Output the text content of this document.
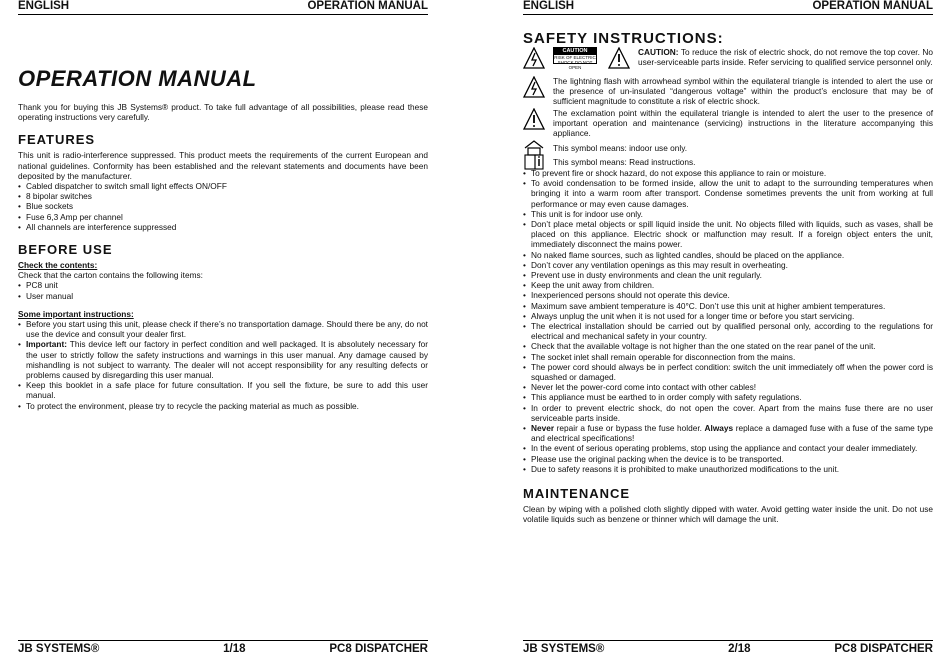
ENGLISH	OPERATION MANUAL
OPERATION MANUAL

Thank you for buying this JB Systems® product. To take full advantage of all possibilities, please read these operating instructions very carefully.

FEATURES

This unit is radio-interference suppressed. This product meets the requirements of the current European and national guidelines. Conformity has been established and the relevant statements and documents have been deposited by the manufacturer.

• Cabled dispatcher to switch small light effects ON/OFF
• 8 bipolar switches
• Blue sockets
• Fuse 6,3 Amp per channel
• All channels are interference suppressed
BEFORE USE

Check the contents:

Check that the carton contains the following items:

• PC8 unit
• User manual

Some important instructions:

• Before you start using this unit, please check if there’s no transportation damage. Should there be any, do not use the device and consult your dealer first.
• Important: This device left our factory in perfect condition and well packaged. It is absolutely necessary for the user to strictly follow the safety instructions and warnings in this user manual. Any damage caused by mishandling is not subject to warranty. The dealer will not accept responsibility for any resulting defects or problems caused by disregarding this user manual.
• Keep this booklet in a safe place for future consultation. If you sell the fixture, be sure to add this user manual.
• To protect the environment, please try to recycle the packing material as much as possible.
JB SYSTEMS®	1/18	PC8 DISPATCHER
ENGLISH	OPERATION MANUAL
SAFETY INSTRUCTIONS:
CAUTION
RISK OF ELECTRIC SHOCK DO NOT OPEN
CAUTION: To reduce the risk of electric shock, do not remove the top cover. No user-serviceable parts inside. Refer servicing to qualified service personnel only.
The lightning flash with arrowhead symbol within the equilateral triangle is intended to alert the use or the presence of un-insulated “dangerous voltage” within the product’s enclosure that may be of sufficient magnitude to constitute a risk of electric shock.
The exclamation point within the equilateral triangle is intended to alert the user to the presence of important operation and maintenance (servicing) instructions in the literature accompanying this appliance.
This symbol means: indoor use only.
This symbol means: Read instructions.
• To prevent fire or shock hazard, do not expose this appliance to rain or moisture.
• To avoid condensation to be formed inside, allow the unit to adapt to the surrounding temperatures when bringing it into a warm room after transport. Condense sometimes prevents the unit from working at full performance or may even cause damages.
• This unit is for indoor use only.
• Don’t place metal objects or spill liquid inside the unit. No objects filled with liquids, such as vases, shall be placed on this appliance. Electric shock or malfunction may result. If a foreign object enters the unit, immediately disconnect the mains power.
• No naked flame sources, such as lighted candles, should be placed on the appliance.
• Don’t cover any ventilation openings as this may result in overheating.
• Prevent use in dusty environments and clean the unit regularly.
• Keep the unit away from children.
• Inexperienced persons should not operate this device.
• Maximum save ambient temperature is 40°C. Don’t use this unit at higher ambient temperatures.
• Always unplug the unit when it is not used for a longer time or before you start servicing.
• The electrical installation should be carried out by qualified personal only, according to the regulations for electrical and mechanical safety in your country.
• Check that the available voltage is not higher than the one stated on the rear panel of the unit.
• The socket inlet shall remain operable for disconnection from the mains.
• The power cord should always be in perfect condition: switch the unit immediately off when the power cord is squashed or damaged.
• Never let the power-cord come into contact with other cables!
• This appliance must be earthed to in order comply with safety regulations.
• In order to prevent electric shock, do not open the cover. Apart from the mains fuse there are no user serviceable parts inside.
• Never repair a fuse or bypass the fuse holder. Always replace a damaged fuse with a fuse of the same type and electrical specifications!
• In the event of serious operating problems, stop using the appliance and contact your dealer immediately.
• Please use the original packing when the device is to be transported.
• Due to safety reasons it is prohibited to make unauthorized modifications to the unit.
MAINTENANCE

Clean by wiping with a polished cloth slightly dipped with water. Avoid getting water inside the unit. Do not use volatile liquids such as benzene or thinner which will damage the unit.

JB SYSTEMS®	2/18	PC8 DISPATCHER
